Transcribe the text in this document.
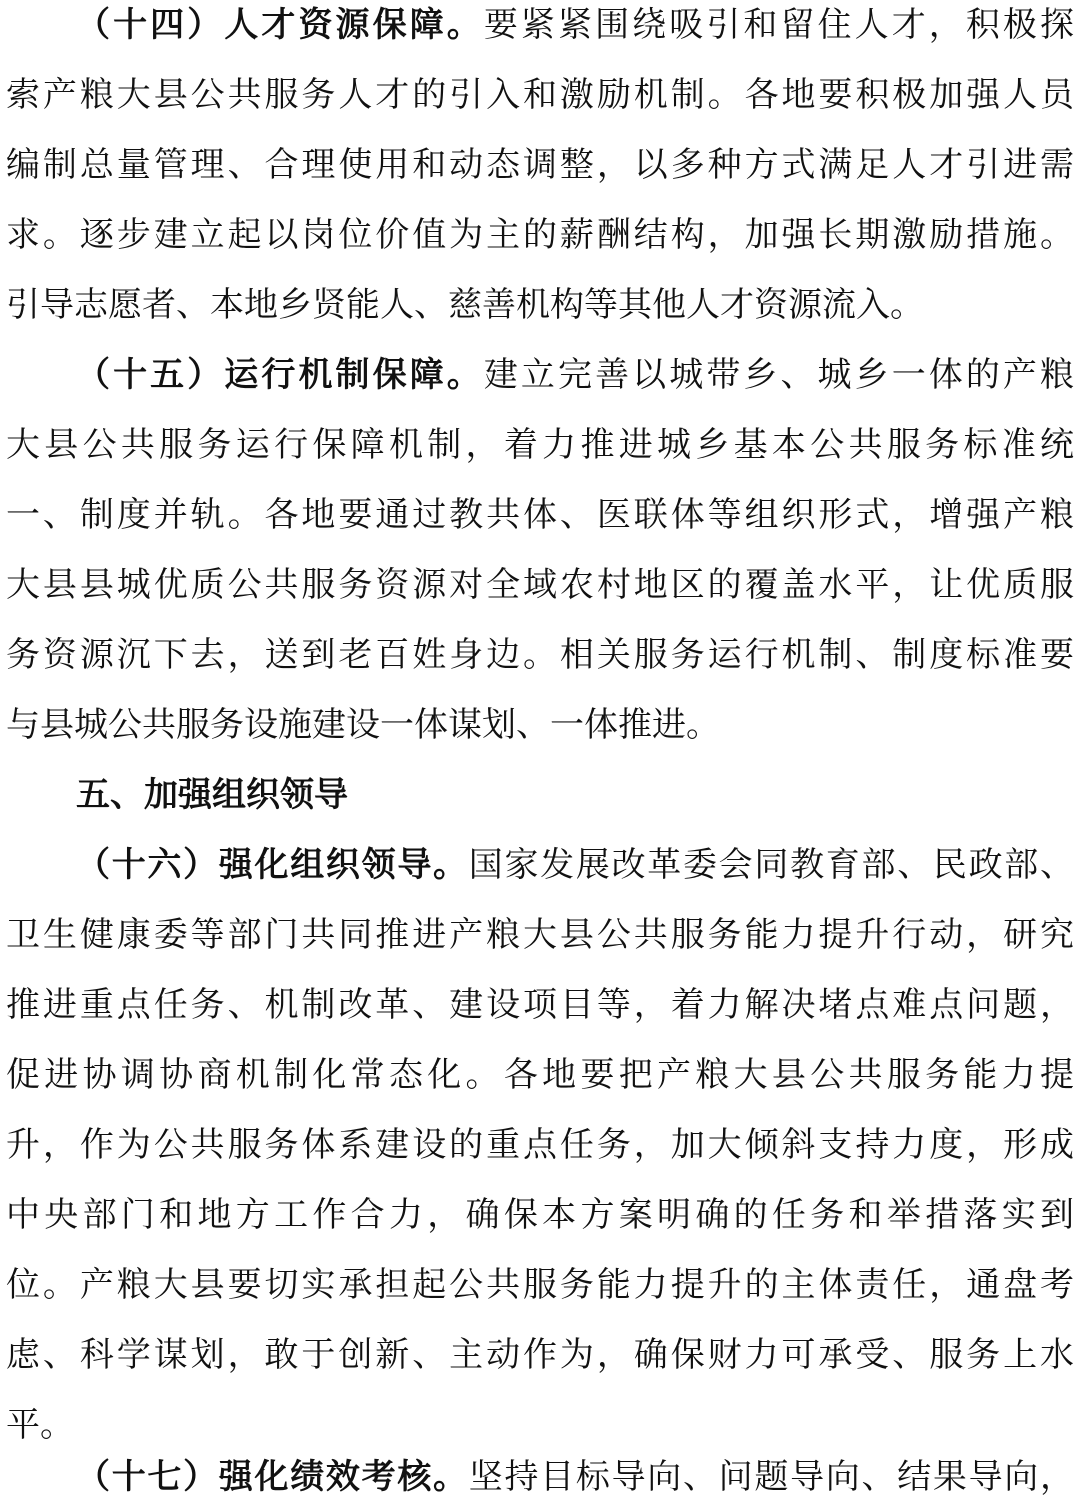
（十四）人才资源保障。要紧紧围绕吸引和留住人才，积极探
索产粮大县公共服务人才的引入和激励机制。各地要积极加强人员
编制总量管理、合理使用和动态调整，以多种方式满足人才引进需
求。逐步建立起以岗位价值为主的薪酬结构，加强长期激励措施。
引导志愿者、本地乡贤能人、慈善机构等其他人才资源流入。
（十五）运行机制保障。建立完善以城带乡、城乡一体的产粮
大县公共服务运行保障机制，着力推进城乡基本公共服务标准统
一、制度并轨。各地要通过教共体、医联体等组织形式，增强产粮
大县县城优质公共服务资源对全域农村地区的覆盖水平，让优质服
务资源沉下去，送到老百姓身边。相关服务运行机制、制度标准要
与县城公共服务设施建设一体谋划、一体推进。
五、加强组织领导
（十六）强化组织领导。国家发展改革委会同教育部、民政部、
卫生健康委等部门共同推进产粮大县公共服务能力提升行动，研究
推进重点任务、机制改革、建设项目等，着力解决堵点难点问题，
促进协调协商机制化常态化。各地要把产粮大县公共服务能力提
升，作为公共服务体系建设的重点任务，加大倾斜支持力度，形成
中央部门和地方工作合力，确保本方案明确的任务和举措落实到
位。产粮大县要切实承担起公共服务能力提升的主体责任，通盘考
虑、科学谋划，敢于创新、主动作为，确保财力可承受、服务上水
平。
（十七）强化绩效考核。坚持目标导向、问题导向、结果导向，
